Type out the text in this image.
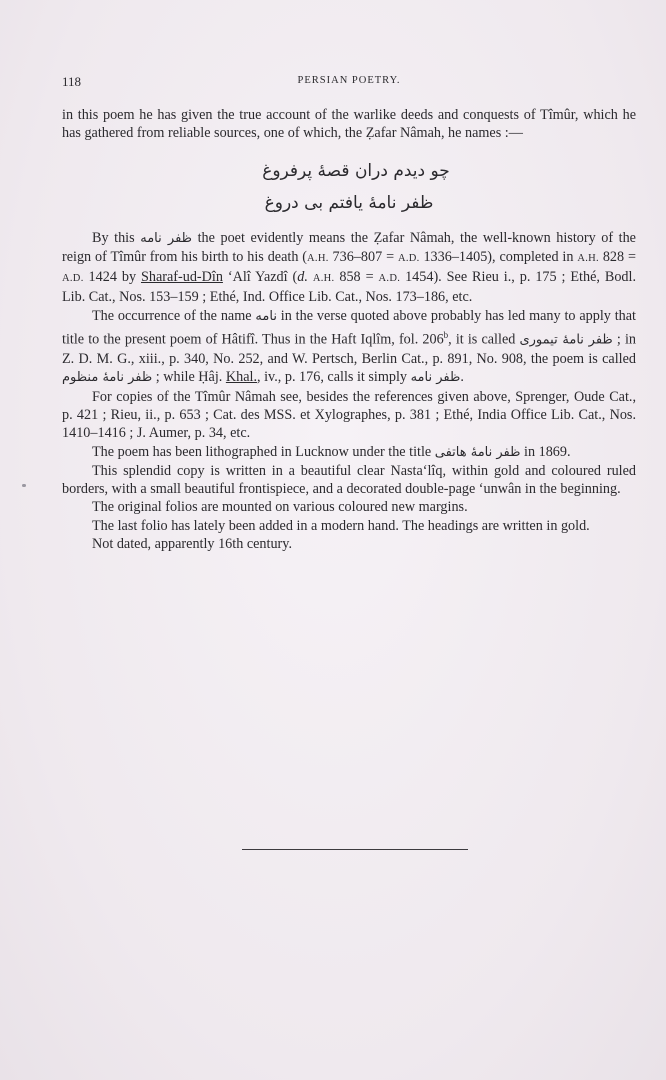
118	PERSIAN POETRY.

in this poem he has given the true account of the warlike deeds and conquests of Tîmûr, which he has gathered from reliable sources, one of which, the Ẓafar Nâmah, he names :—

چو دیدم دران قصهٔ پرفروغ
ظفر نامهٔ یافتم بی دروغ

By this ظفر نامه the poet evidently means the Ẓafar Nâmah, the well-known history of the reign of Tîmûr from his birth to his death (A.H. 736–807 = A.D. 1336–1405), completed in A.H. 828 = A.D. 1424 by Sharaf-ud-Dîn ‘Alî Yazdî (d. A.H. 858 = A.D. 1454). See Rieu i., p. 175 ; Ethé, Bodl. Lib. Cat., Nos. 153–159 ; Ethé, Ind. Office Lib. Cat., Nos. 173–186, etc.

The occurrence of the name نامه in the verse quoted above probably has led many to apply that title to the present poem of Hâtifî. Thus in the Haft Iqlîm, fol. 206$^b$, it is called ظفر نامهٔ تیموری ; in Z. D. M. G., xiii., p. 340, No. 252, and W. Pertsch, Berlin Cat., p. 891, No. 908, the poem is called ظفر نامهٔ منظوم ; while Ḥâj. Khal., iv., p. 176, calls it simply ظفر نامه.

For copies of the Tîmûr Nâmah see, besides the references given above, Sprenger, Oude Cat., p. 421 ; Rieu, ii., p. 653 ; Cat. des MSS. et Xylographes, p. 381 ; Ethé, India Office Lib. Cat., Nos. 1410–1416 ; J. Aumer, p. 34, etc.

The poem has been lithographed in Lucknow under the title ظفر نامهٔ هاتفی in 1869.

This splendid copy is written in a beautiful clear Nasta‘lîq, within gold and coloured ruled borders, with a small beautiful frontispiece, and a decorated double-page ‘unwân in the beginning.

The original folios are mounted on various coloured new margins.

The last folio has lately been added in a modern hand. The headings are written in gold.

Not dated, apparently 16th century.
